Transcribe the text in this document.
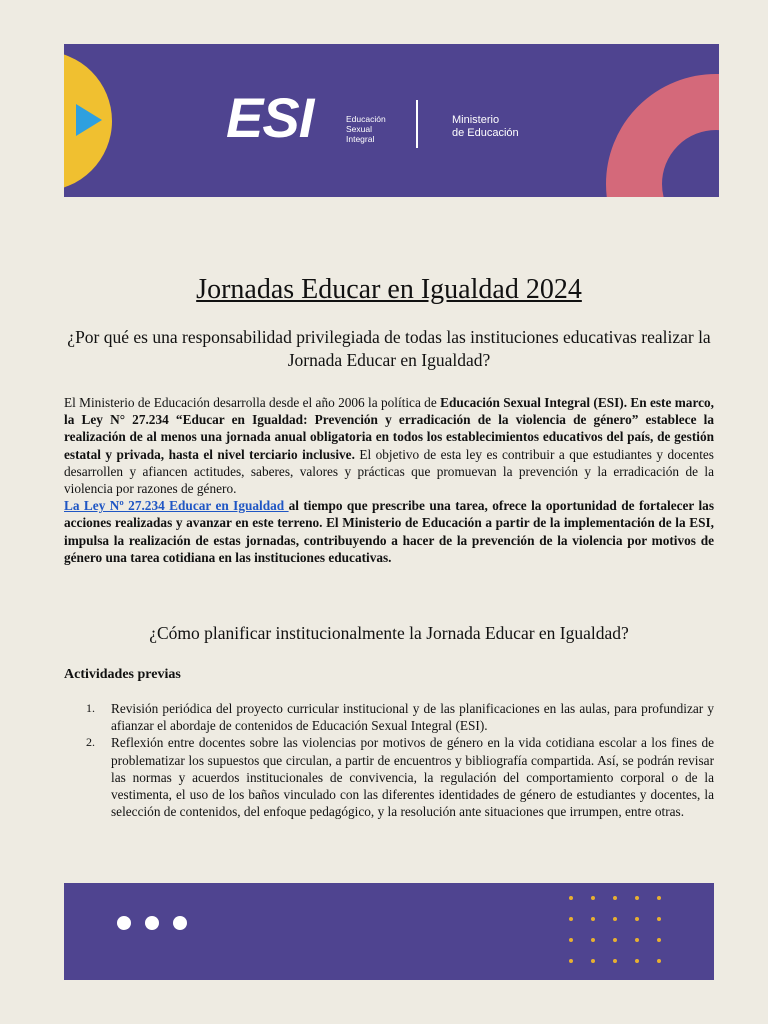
ESI	Educación
Sexual
Integral
Ministerio
de Educación
Jornadas Educar en Igualdad 2024

¿Por qué es una responsabilidad privilegiada de todas las instituciones educativas realizar la Jornada Educar en Igualdad?

El Ministerio de Educación desarrolla desde el año 2006 la política de Educación Sexual Integral (ESI). En este marco, la Ley N° 27.234 “Educar en Igualdad: Prevención y erradicación de la violencia de género” establece la realización de al menos una jornada anual obligatoria en todos los establecimientos educativos del país, de gestión estatal y privada, hasta el nivel terciario inclusive. El objetivo de esta ley es contribuir a que estudiantes y docentes desarrollen y afiancen actitudes, saberes, valores y prácticas que promuevan la prevención y la erradicación de la violencia por razones de género.

La Ley Nº 27.234 Educar en Igualdad al tiempo que prescribe una tarea, ofrece la oportunidad de fortalecer las acciones realizadas y avanzar en este terreno. El Ministerio de Educación a partir de la implementación de la ESI, impulsa la realización de estas jornadas, contribuyendo a hacer de la prevención de la violencia por motivos de género una tarea cotidiana en las instituciones educativas.

¿Cómo planificar institucionalmente la Jornada Educar en Igualdad?

Actividades previas

1. Revisión periódica del proyecto curricular institucional y de las planificaciones en las aulas, para profundizar y afianzar el abordaje de contenidos de Educación Sexual Integral (ESI).
2. Reflexión entre docentes sobre las violencias por motivos de género en la vida cotidiana escolar a los fines de problematizar los supuestos que circulan, a partir de encuentros y bibliografía compartida. Así, se podrán revisar las normas y acuerdos institucionales de convivencia, la regulación del comportamiento corporal o de la vestimenta, el uso de los baños vinculado con las diferentes identidades de género de estudiantes y docentes, la selección de contenidos, del enfoque pedagógico, y la resolución ante situaciones que irrumpen, entre otras.
